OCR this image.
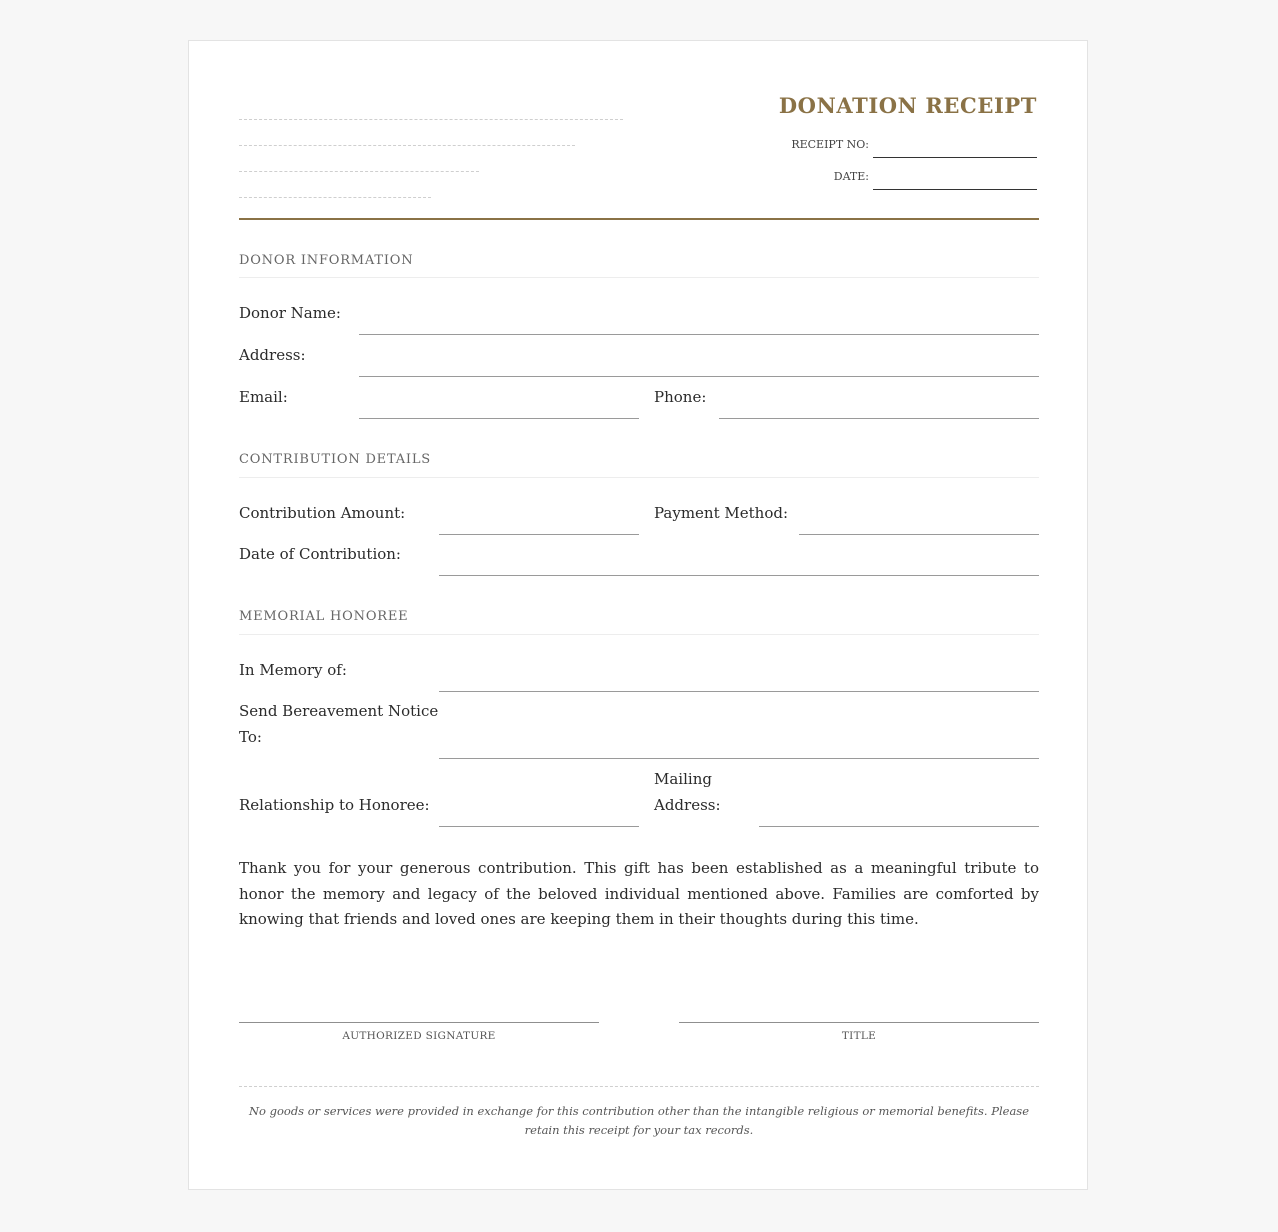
DONATION RECEIPT
RECEIPT NO:
DATE:
DONOR INFORMATION
Donor Name:
Address:
Email:	Phone:
CONTRIBUTION DETAILS
Contribution Amount:	Payment Method:
Date of Contribution:
MEMORIAL HONOREE
In Memory of:
Send Bereavement Notice
To:
Relationship to Honoree:
Mailing
Address:
Thank you for your generous contribution. This gift has been established as a meaningful tribute to honor the memory and legacy of the beloved individual mentioned above. Families are comforted by knowing that friends and loved ones are keeping them in their thoughts during this time.
AUTHORIZED SIGNATURE	TITLE
No goods or services were provided in exchange for this contribution other than the intangible religious or memorial benefits. Please retain this receipt for your tax records.
